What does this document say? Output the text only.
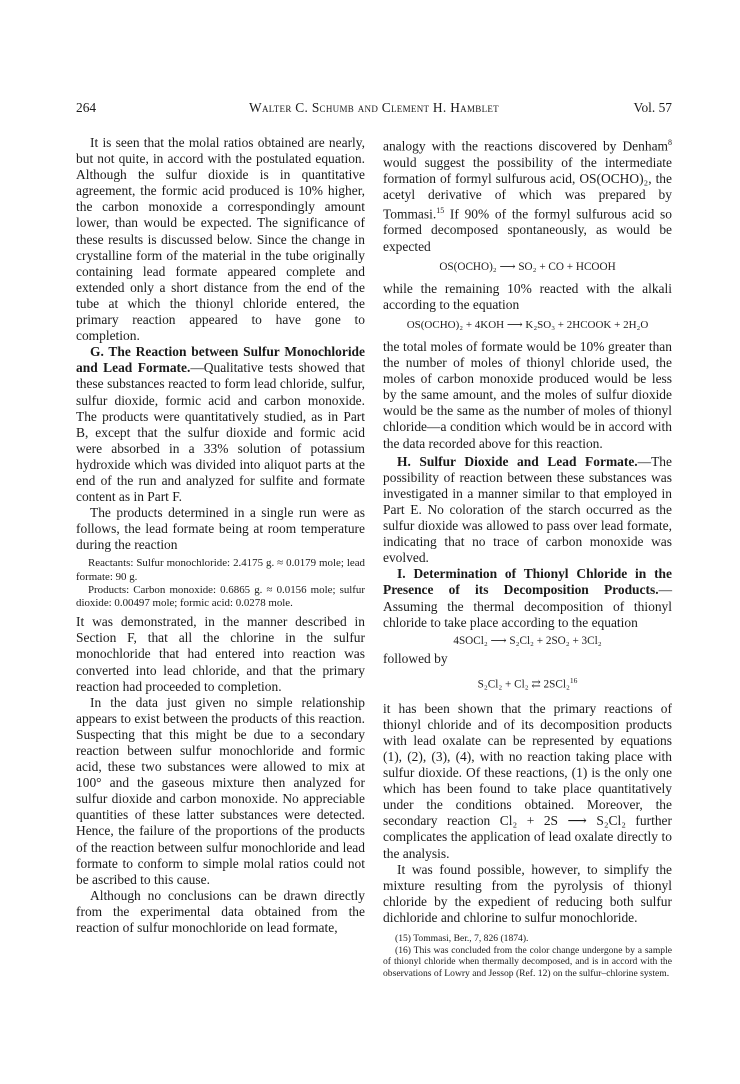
264	Walter C. Schumb and Clement H. Hamblet	Vol. 57

It is seen that the molal ratios obtained are nearly, but not quite, in accord with the postulated equation. Although the sulfur dioxide is in quantitative agreement, the formic acid produced is 10% higher, the carbon monoxide a correspondingly amount lower, than would be expected. The significance of these results is discussed below. Since the change in crystalline form of the material in the tube originally containing lead formate appeared complete and extended only a short distance from the end of the tube at which the thionyl chloride entered, the primary reaction appeared to have gone to completion.

G. The Reaction between Sulfur Monochloride and Lead Formate.—Qualitative tests showed that these substances reacted to form lead chloride, sulfur, sulfur dioxide, formic acid and carbon monoxide. The products were quantitatively studied, as in Part B, except that the sulfur dioxide and formic acid were absorbed in a 33% solution of potassium hydroxide which was divided into aliquot parts at the end of the run and analyzed for sulfite and formate content as in Part F.

The products determined in a single run were as follows, the lead formate being at room temperature during the reaction

Reactants: Sulfur monochloride: 2.4175 g. ≈ 0.0179 mole; lead formate: 90 g.

Products: Carbon monoxide: 0.6865 g. ≈ 0.0156 mole; sulfur dioxide: 0.00497 mole; formic acid: 0.0278 mole.

It was demonstrated, in the manner described in Section F, that all the chlorine in the sulfur monochloride that had entered into reaction was converted into lead chloride, and that the primary reaction had proceeded to completion.

In the data just given no simple relationship appears to exist between the products of this reaction. Suspecting that this might be due to a secondary reaction between sulfur monochloride and formic acid, these two substances were allowed to mix at 100° and the gaseous mixture then analyzed for sulfur dioxide and carbon monoxide. No appreciable quantities of these latter substances were detected. Hence, the failure of the proportions of the products of the reaction between sulfur monochloride and lead formate to conform to simple molal ratios could not be ascribed to this cause.

Although no conclusions can be drawn directly from the experimental data obtained from the reaction of sulfur monochloride on lead formate,

analogy with the reactions discovered by Denham$^8$ would suggest the possibility of the intermediate formation of formyl sulfurous acid, OS(OCHO)₂, the acetyl derivative of which was prepared by Tommasi.$^{15}$ If 90% of the formyl sulfurous acid so formed decomposed spontaneously, as would be expected

OS(OCHO)₂ ⟶ SO₂ + CO + HCOOH

while the remaining 10% reacted with the alkali according to the equation

OS(OCHO)₂ + 4KOH ⟶ K₂SO₃ + 2HCOOK + 2H₂O

the total moles of formate would be 10% greater than the number of moles of thionyl chloride used, the moles of carbon monoxide produced would be less by the same amount, and the moles of sulfur dioxide would be the same as the number of moles of thionyl chloride—a condition which would be in accord with the data recorded above for this reaction.

H. Sulfur Dioxide and Lead Formate.—The possibility of reaction between these substances was investigated in a manner similar to that employed in Part E. No coloration of the starch occurred as the sulfur dioxide was allowed to pass over lead formate, indicating that no trace of carbon monoxide was evolved.

I. Determination of Thionyl Chloride in the Presence of its Decomposition Products.—Assuming the thermal decomposition of thionyl chloride to take place according to the equation

4SOCl₂ ⟶ S₂Cl₂ + 2SO₂ + 3Cl₂

followed by

S₂Cl₂ + Cl₂ ⇄ 2SCl₂$^{16}$

it has been shown that the primary reactions of thionyl chloride and of its decomposition products with lead oxalate can be represented by equations (1), (2), (3), (4), with no reaction taking place with sulfur dioxide. Of these reactions, (1) is the only one which has been found to take place quantitatively under the conditions obtained. Moreover, the secondary reaction Cl₂ + 2S ⟶ S₂Cl₂ further complicates the application of lead oxalate directly to the analysis.

It was found possible, however, to simplify the mixture resulting from the pyrolysis of thionyl chloride by the expedient of reducing both sulfur dichloride and chlorine to sulfur monochloride.

(15) Tommasi, Ber., 7, 826 (1874).

(16) This was concluded from the color change undergone by a sample of thionyl chloride when thermally decomposed, and is in accord with the observations of Lowry and Jessop (Ref. 12) on the sulfur–chlorine system.
